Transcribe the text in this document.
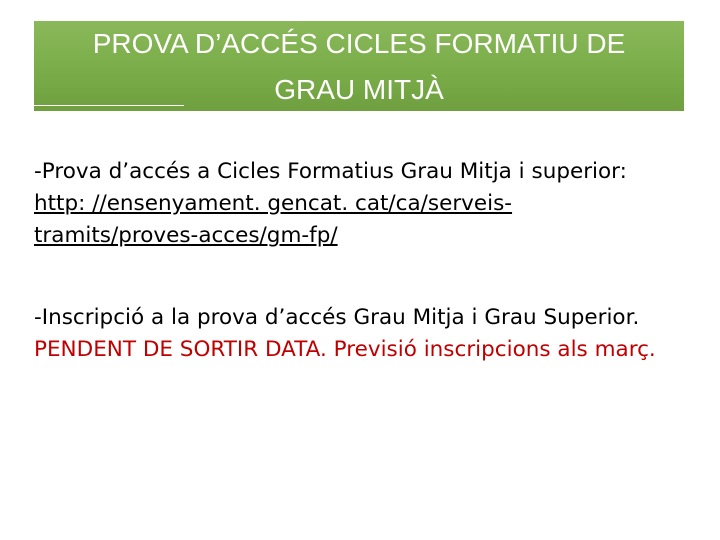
PROVA D’ACCÉS CICLES FORMATIU DE
GRAU MITJÀ

-Prova d’accés a Cicles Formatius Grau Mitja i superior:
http: //ensenyament. gencat. cat/ca/serveis-
tramits/proves-acces/gm-fp/

-Inscripció a la prova d’accés Grau Mitja i Grau Superior. PENDENT DE SORTIR DATA. Previsió inscripcions als març.
